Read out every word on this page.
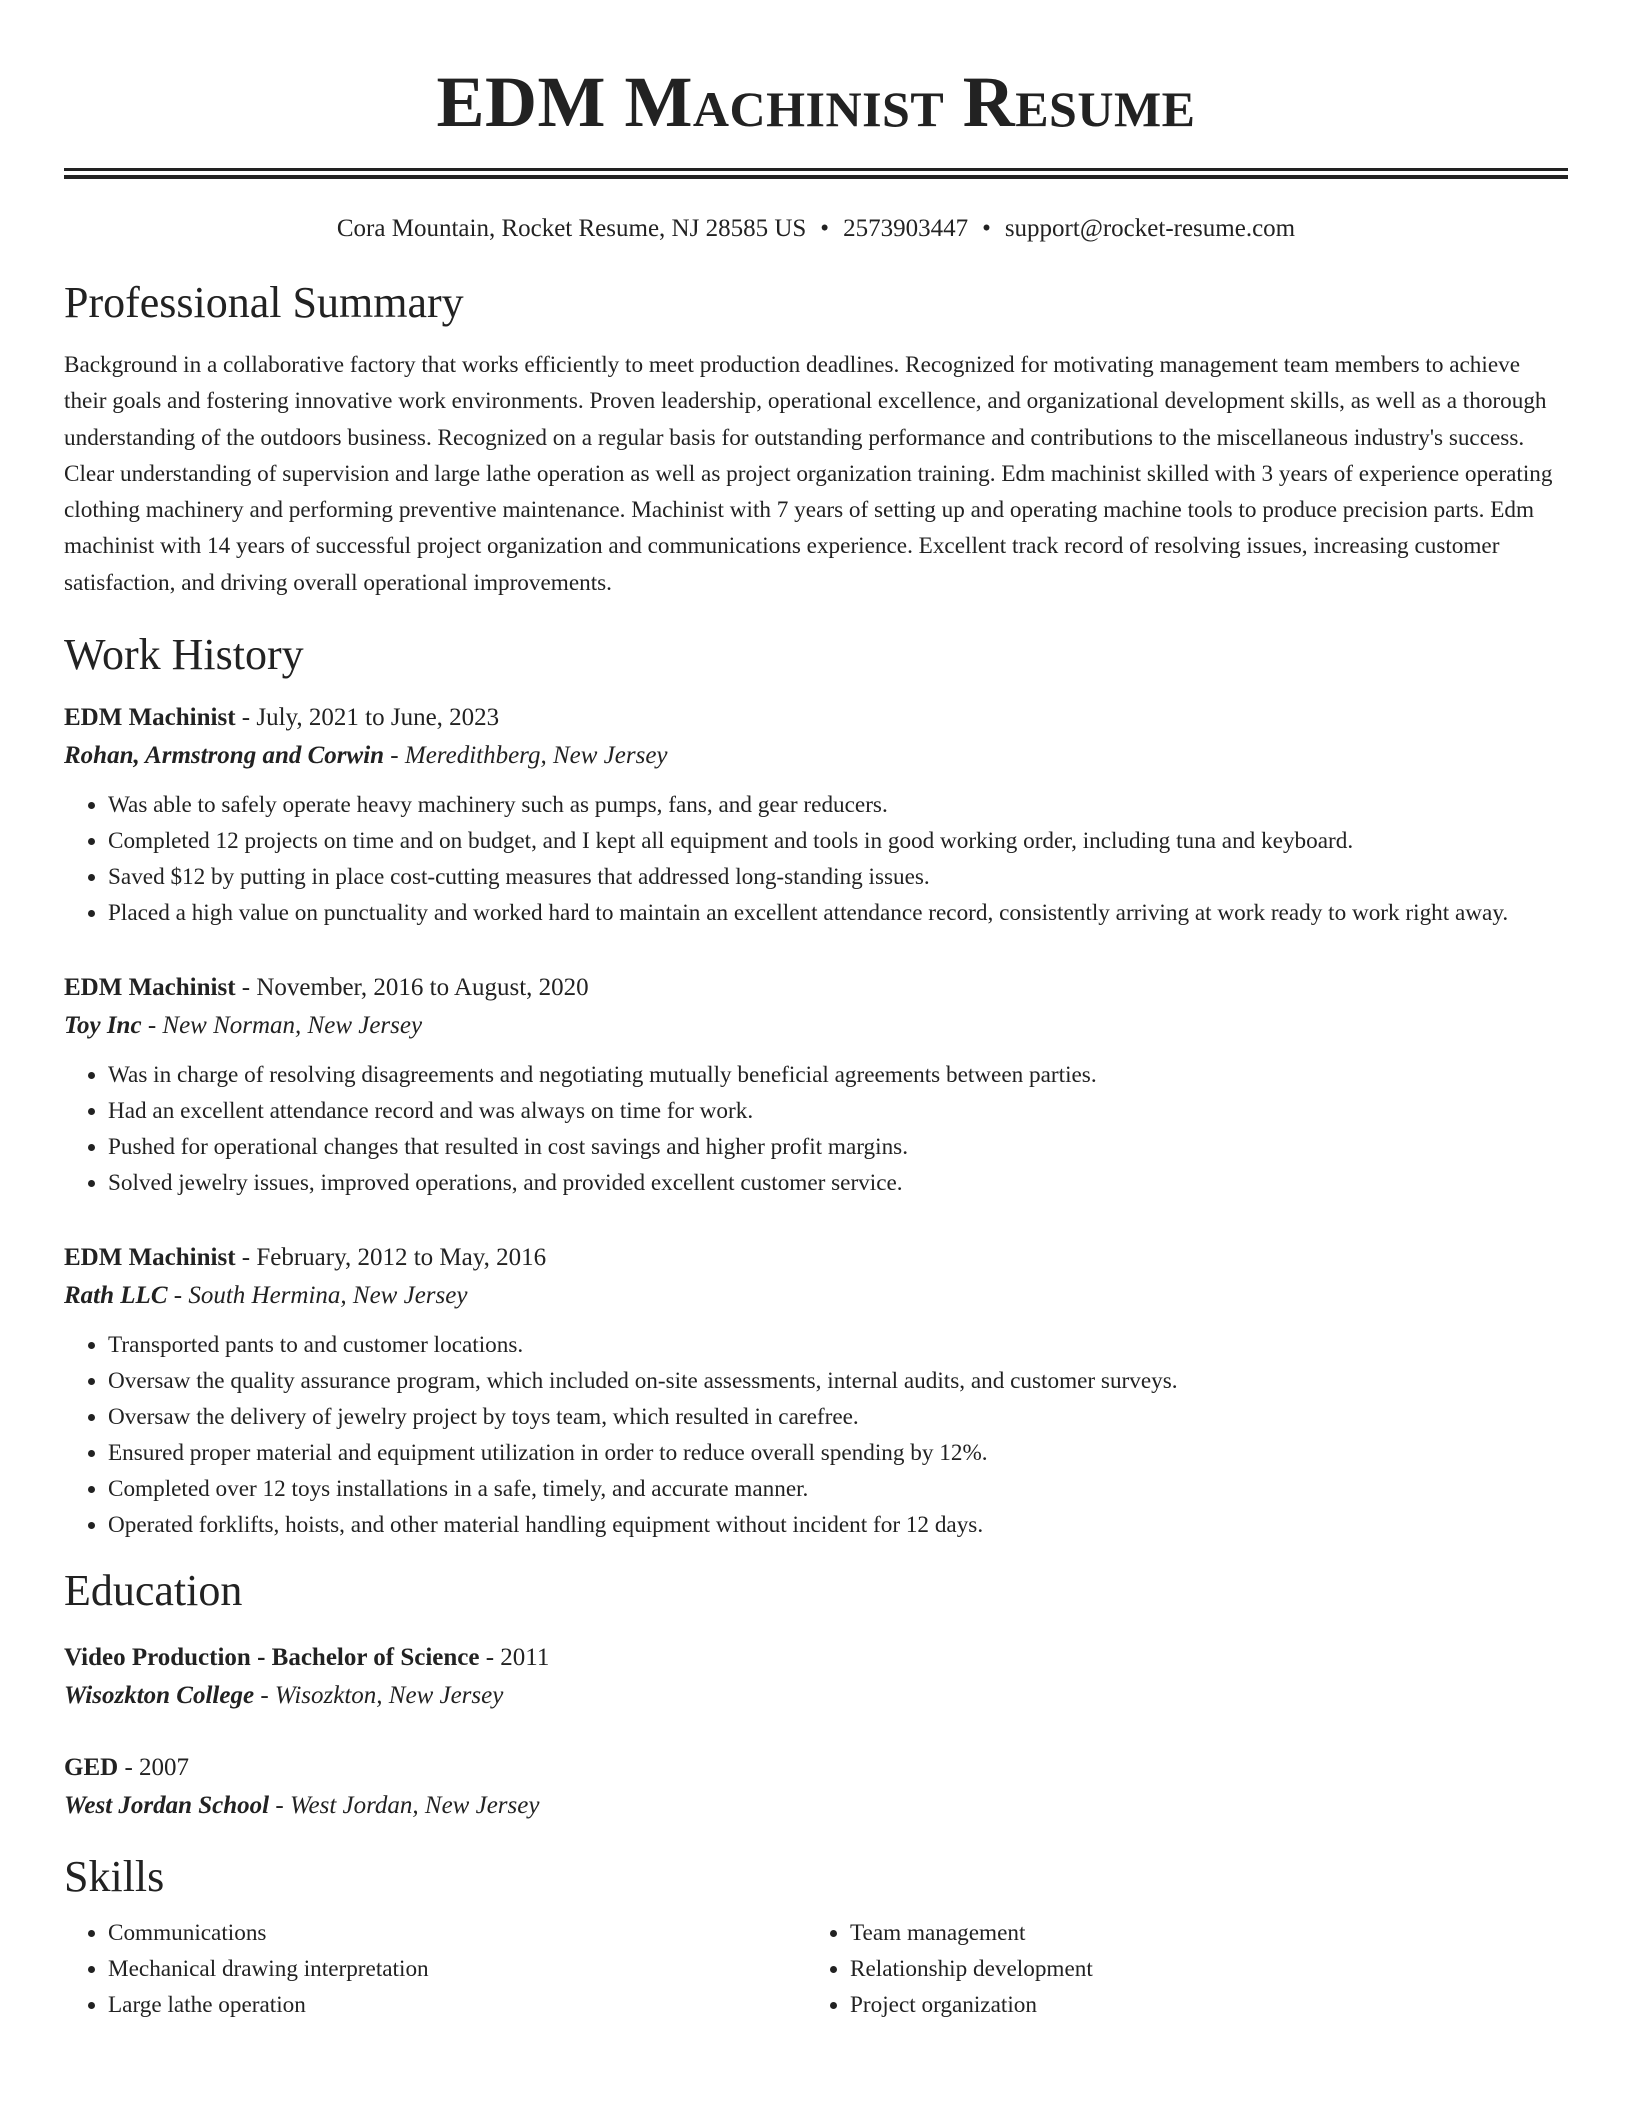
EDM Machinist Resume
Cora Mountain, Rocket Resume, NJ 28585 US • 2573903447 • support@rocket-resume.com
Professional Summary

Background in a collaborative factory that works efficiently to meet production deadlines. Recognized for motivating management team members to achieve their goals and fostering innovative work environments. Proven leadership, operational excellence, and organizational development skills, as well as a thorough understanding of the outdoors business. Recognized on a regular basis for outstanding performance and contributions to the miscellaneous industry's success. Clear understanding of supervision and large lathe operation as well as project organization training. Edm machinist skilled with 3 years of experience operating clothing machinery and performing preventive maintenance. Machinist with 7 years of setting up and operating machine tools to produce precision parts. Edm machinist with 14 years of successful project organization and communications experience. Excellent track record of resolving issues, increasing customer satisfaction, and driving overall operational improvements.

Work History
EDM Machinist - July, 2021 to June, 2023
Rohan, Armstrong and Corwin - Meredithberg, New Jersey
• Was able to safely operate heavy machinery such as pumps, fans, and gear reducers.
• Completed 12 projects on time and on budget, and I kept all equipment and tools in good working order, including tuna and keyboard.
• Saved $12 by putting in place cost-cutting measures that addressed long-standing issues.
• Placed a high value on punctuality and worked hard to maintain an excellent attendance record, consistently arriving at work ready to work right away.
EDM Machinist - November, 2016 to August, 2020
Toy Inc - New Norman, New Jersey
• Was in charge of resolving disagreements and negotiating mutually beneficial agreements between parties.
• Had an excellent attendance record and was always on time for work.
• Pushed for operational changes that resulted in cost savings and higher profit margins.
• Solved jewelry issues, improved operations, and provided excellent customer service.
EDM Machinist - February, 2012 to May, 2016
Rath LLC - South Hermina, New Jersey
• Transported pants to and customer locations.
• Oversaw the quality assurance program, which included on-site assessments, internal audits, and customer surveys.
• Oversaw the delivery of jewelry project by toys team, which resulted in carefree.
• Ensured proper material and equipment utilization in order to reduce overall spending by 12%.
• Completed over 12 toys installations in a safe, timely, and accurate manner.
• Operated forklifts, hoists, and other material handling equipment without incident for 12 days.
Education
Video Production - Bachelor of Science - 2011
Wisozkton College - Wisozkton, New Jersey
GED - 2007
West Jordan School - West Jordan, New Jersey
Skills
• Communications
• Mechanical drawing interpretation
• Large lathe operation
• Team management
• Relationship development
• Project organization
